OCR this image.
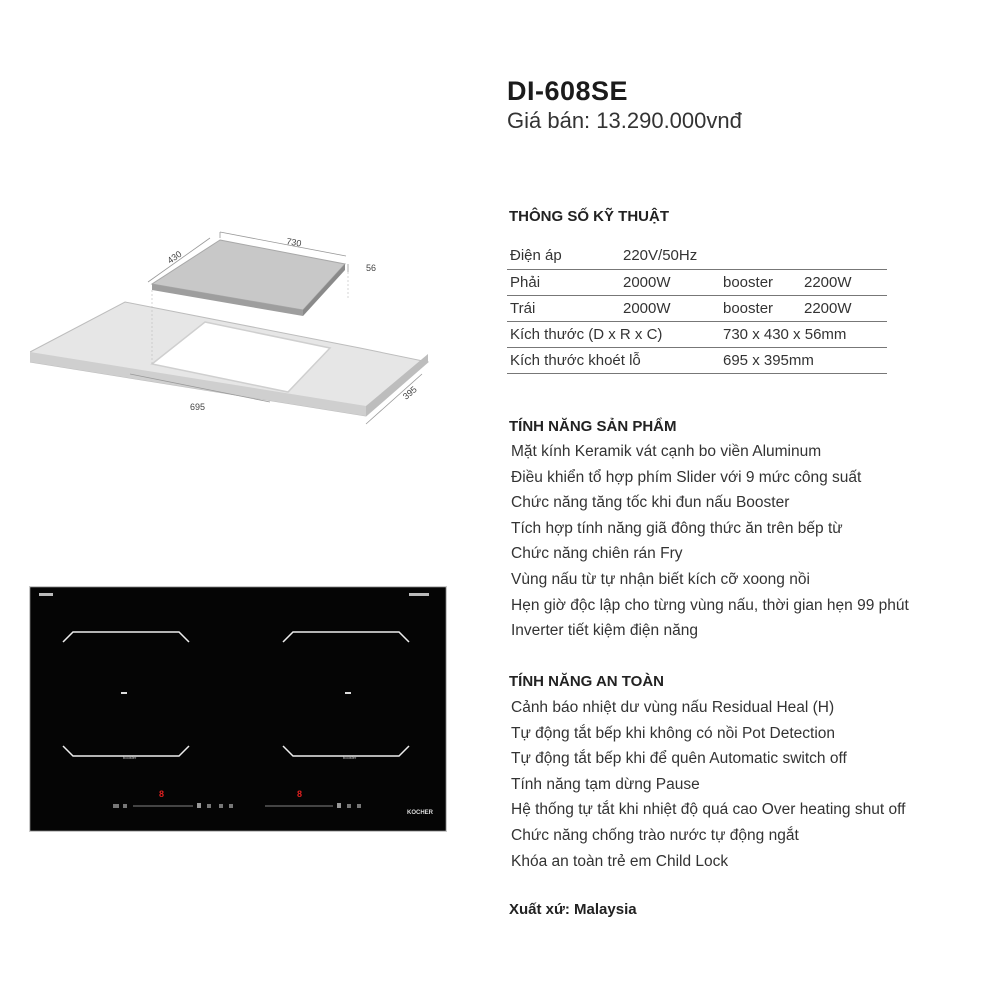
DI-608SE
Giá bán: 13.290.000vnđ
THÔNG SỐ KỸ THUẬT
Điện áp	220V/50Hz		
Phải	2000W	booster	2200W
Trái	2000W	booster	2200W
Kích thước (D x R x C)		730 x 430 x 56mm	
Kích thước khoét lỗ		695 x 395mm	
TÍNH NĂNG SẢN PHẨM
Mặt kính Keramik vát cạnh bo viền Aluminum
Điều khiển tổ hợp phím Slider với 9 mức công suất
Chức năng tăng tốc khi đun nấu Booster
Tích hợp tính năng giã đông thức ăn trên bếp từ
Chức năng chiên rán Fry
Vùng nấu từ tự nhận biết kích cỡ xoong nồi
Hẹn giờ độc lập cho từng vùng nấu, thời gian hẹn 99 phút
Inverter tiết kiệm điện năng
TÍNH NĂNG AN TOÀN
Cảnh báo nhiệt dư vùng nấu Residual Heal (H)
Tự động tắt bếp khi không có nồi Pot Detection
Tự động tắt bếp khi để quên Automatic switch off
Tính năng tạm dừng Pause
Hệ thống tự tắt khi nhiệt độ quá cao Over heating shut off
Chức năng chống trào nước tự động ngắt
Khóa an toàn trẻ em Child Lock
Xuất xứ: Malaysia
730
430
56
695
395
booster	booster
8	8
KOCHER
